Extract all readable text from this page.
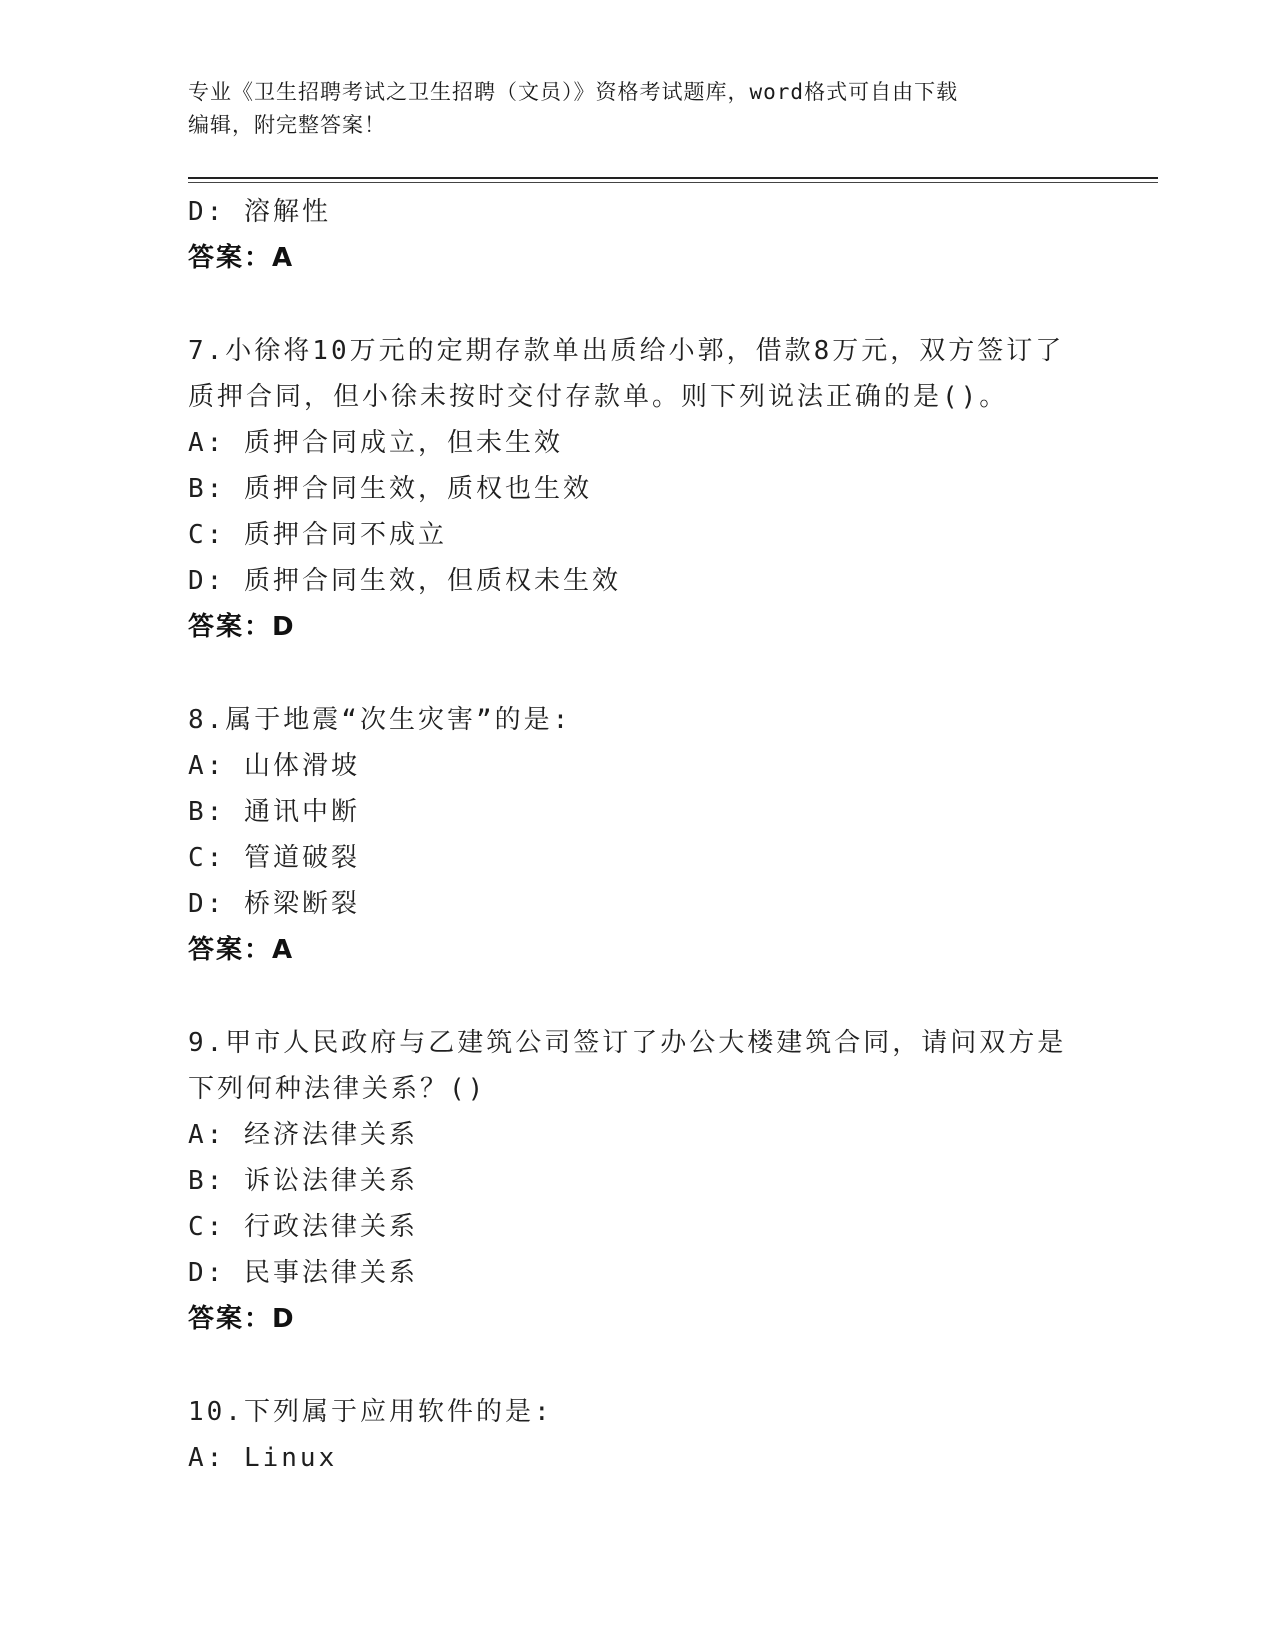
专业《卫生招聘考试之卫生招聘（文员）》资格考试题库，word格式可自由下载
编辑，附完整答案！
D: 溶解性
答案：A
7.小徐将10万元的定期存款单出质给小郭，借款8万元，双方签订了
质押合同，但小徐未按时交付存款单。则下列说法正确的是()。
A: 质押合同成立，但未生效
B: 质押合同生效，质权也生效
C: 质押合同不成立
D: 质押合同生效，但质权未生效
答案：D
8.属于地震“次生灾害”的是:
A: 山体滑坡
B: 通讯中断
C: 管道破裂
D: 桥梁断裂
答案：A
9.甲市人民政府与乙建筑公司签订了办公大楼建筑合同，请问双方是
下列何种法律关系？()
A: 经济法律关系
B: 诉讼法律关系
C: 行政法律关系
D: 民事法律关系
答案：D
10.下列属于应用软件的是:
A: Linux
